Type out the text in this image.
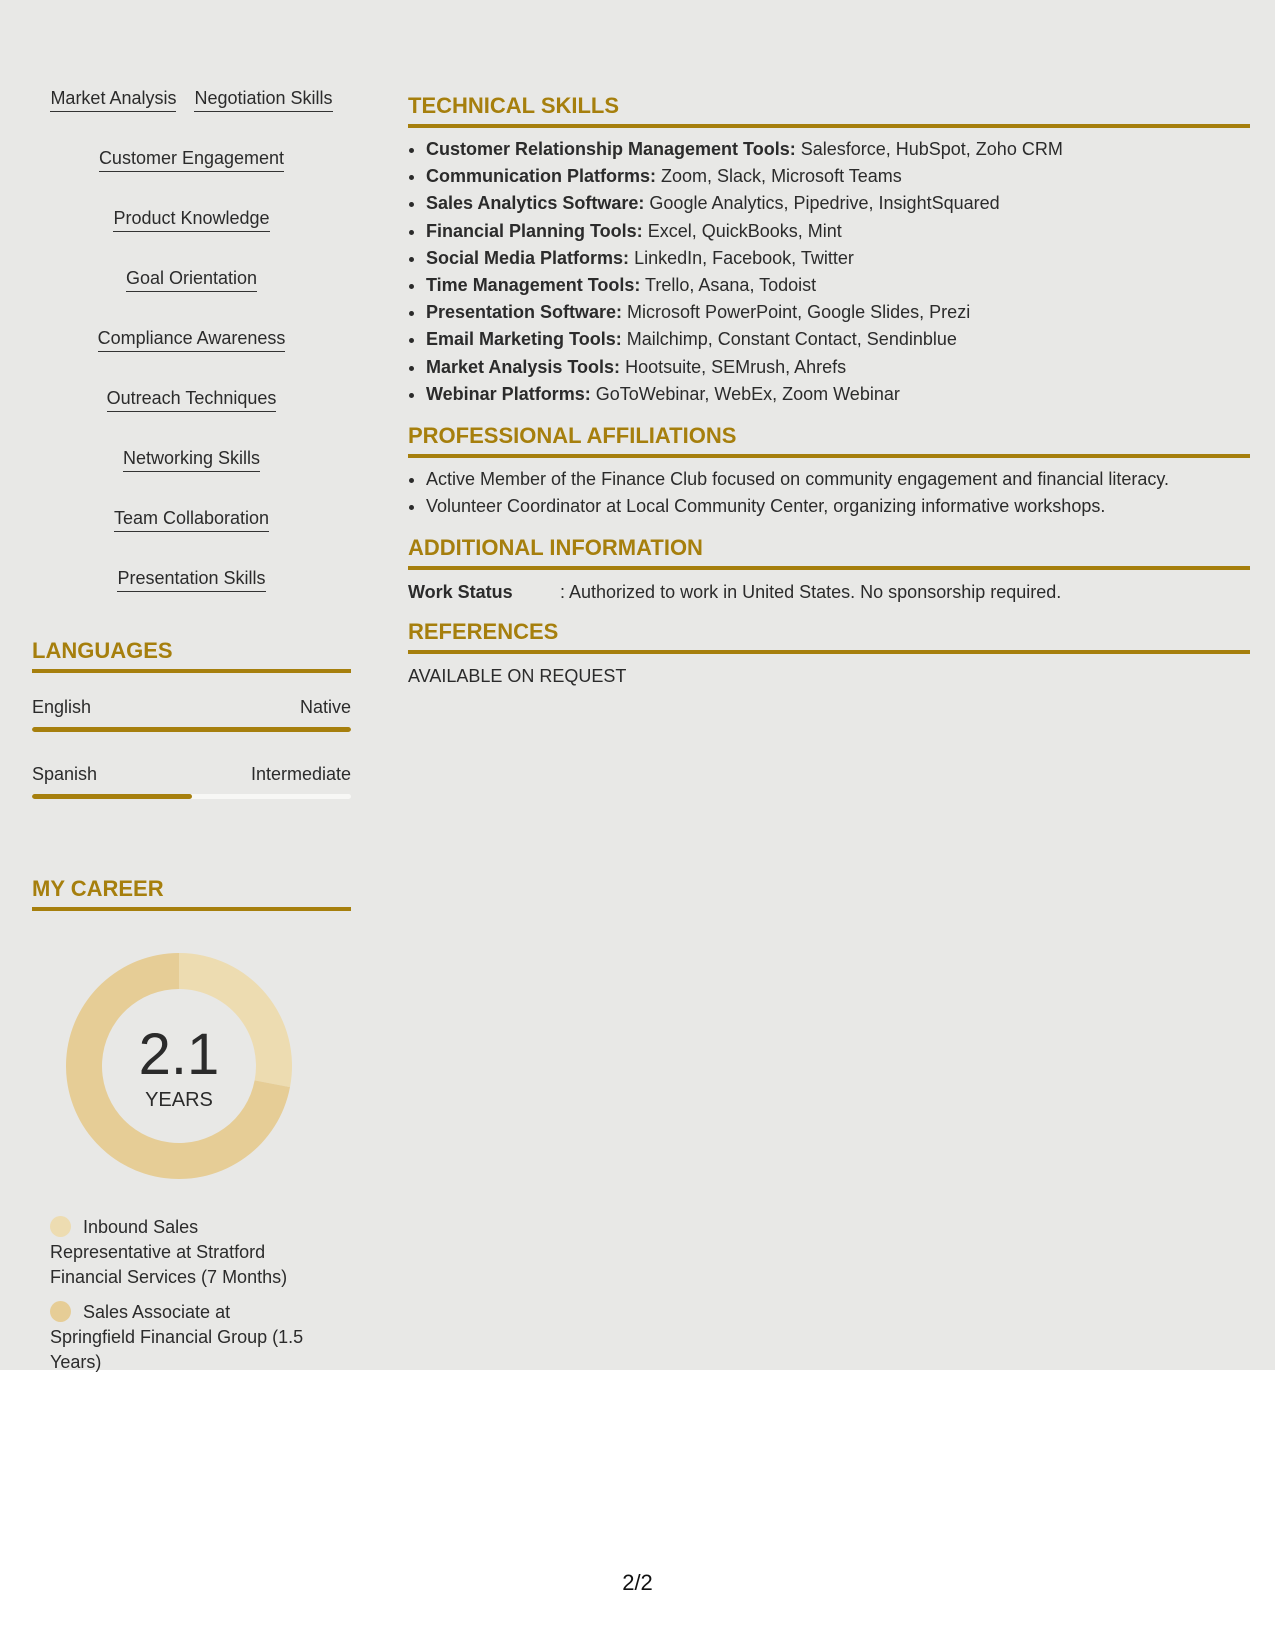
Market Analysis Negotiation Skills
Customer Engagement
Product Knowledge
Goal Orientation
Compliance Awareness
Outreach Techniques
Networking Skills
Team Collaboration
Presentation Skills
LANGUAGES
English	Native
Spanish	Intermediate
MY CAREER
2.1
YEARS
Inbound Sales Representative at Stratford Financial Services (7 Months)
Sales Associate at Springfield Financial Group (1.5 Years)
TECHNICAL SKILLS
• Customer Relationship Management Tools: Salesforce, HubSpot, Zoho CRM
• Communication Platforms: Zoom, Slack, Microsoft Teams
• Sales Analytics Software: Google Analytics, Pipedrive, InsightSquared
• Financial Planning Tools: Excel, QuickBooks, Mint
• Social Media Platforms: LinkedIn, Facebook, Twitter
• Time Management Tools: Trello, Asana, Todoist
• Presentation Software: Microsoft PowerPoint, Google Slides, Prezi
• Email Marketing Tools: Mailchimp, Constant Contact, Sendinblue
• Market Analysis Tools: Hootsuite, SEMrush, Ahrefs
• Webinar Platforms: GoToWebinar, WebEx, Zoom Webinar
PROFESSIONAL AFFILIATIONS
• Active Member of the Finance Club focused on community engagement and financial literacy.
• Volunteer Coordinator at Local Community Center, organizing informative workshops.
ADDITIONAL INFORMATION
Work Status	: Authorized to work in United States. No sponsorship required.
REFERENCES
AVAILABLE ON REQUEST
2/2
